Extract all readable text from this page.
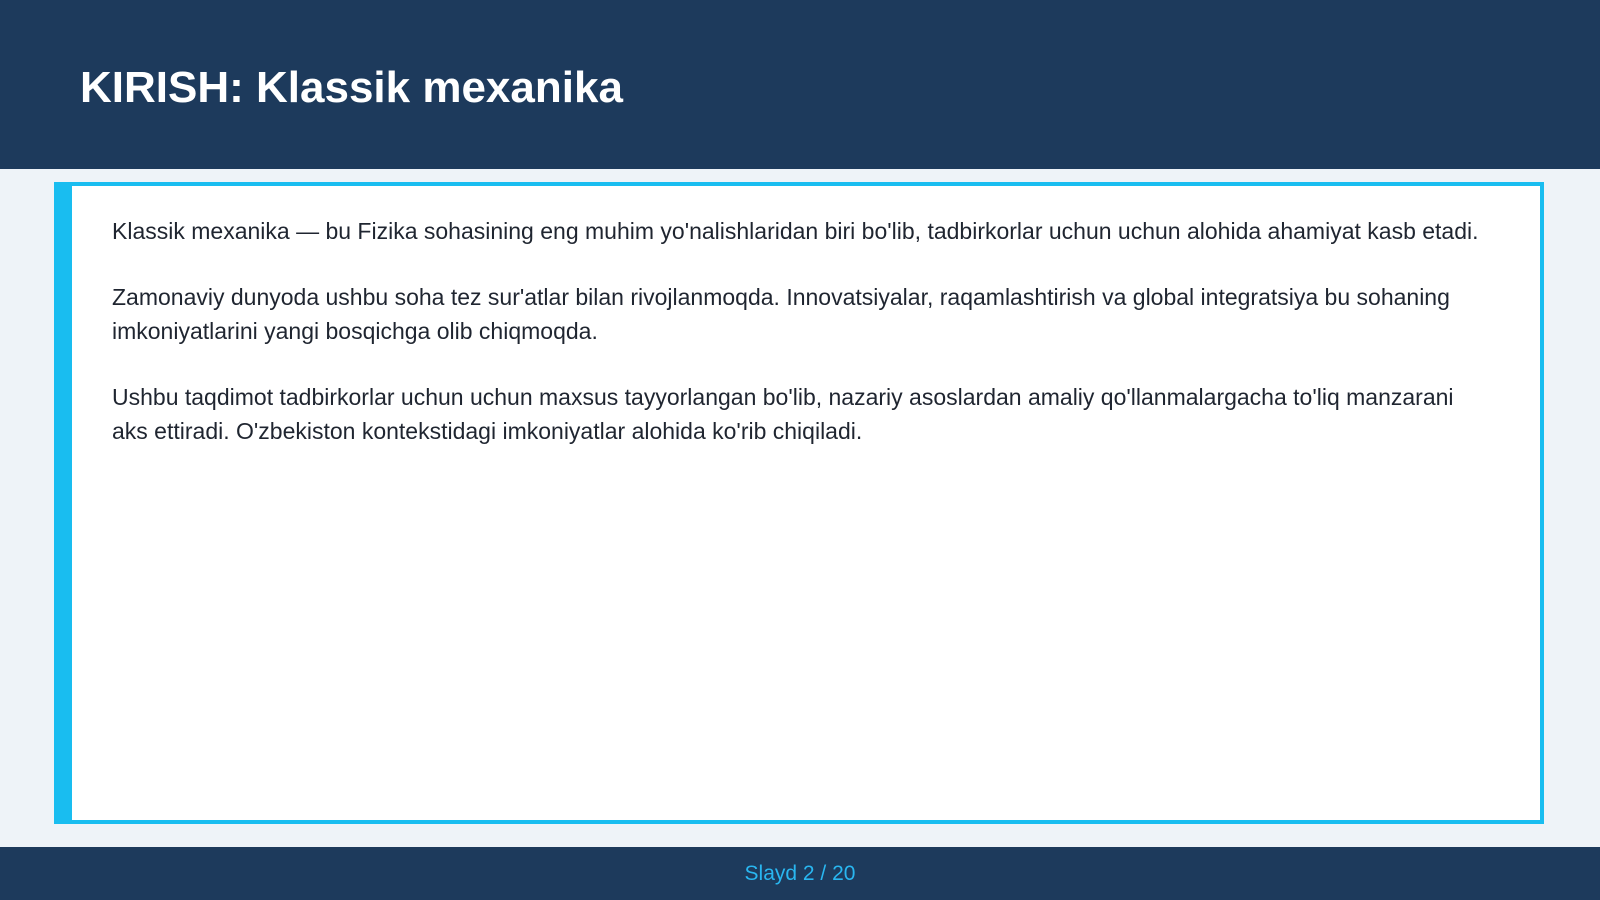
KIRISH: Klassik mexanika

Klassik mexanika — bu Fizika sohasining eng muhim yo'nalishlaridan biri bo'lib, tadbirkorlar uchun uchun alohida ahamiyat kasb etadi.

Zamonaviy dunyoda ushbu soha tez sur'atlar bilan rivojlanmoqda. Innovatsiyalar, raqamlashtirish va global integratsiya bu sohaning imkoniyatlarini yangi bosqichga olib chiqmoqda.

Ushbu taqdimot tadbirkorlar uchun uchun maxsus tayyorlangan bo'lib, nazariy asoslardan amaliy qo'llanmalargacha to'liq manzarani aks ettiradi. O'zbekiston kontekstidagi imkoniyatlar alohida ko'rib chiqiladi.

Slayd 2 / 20
